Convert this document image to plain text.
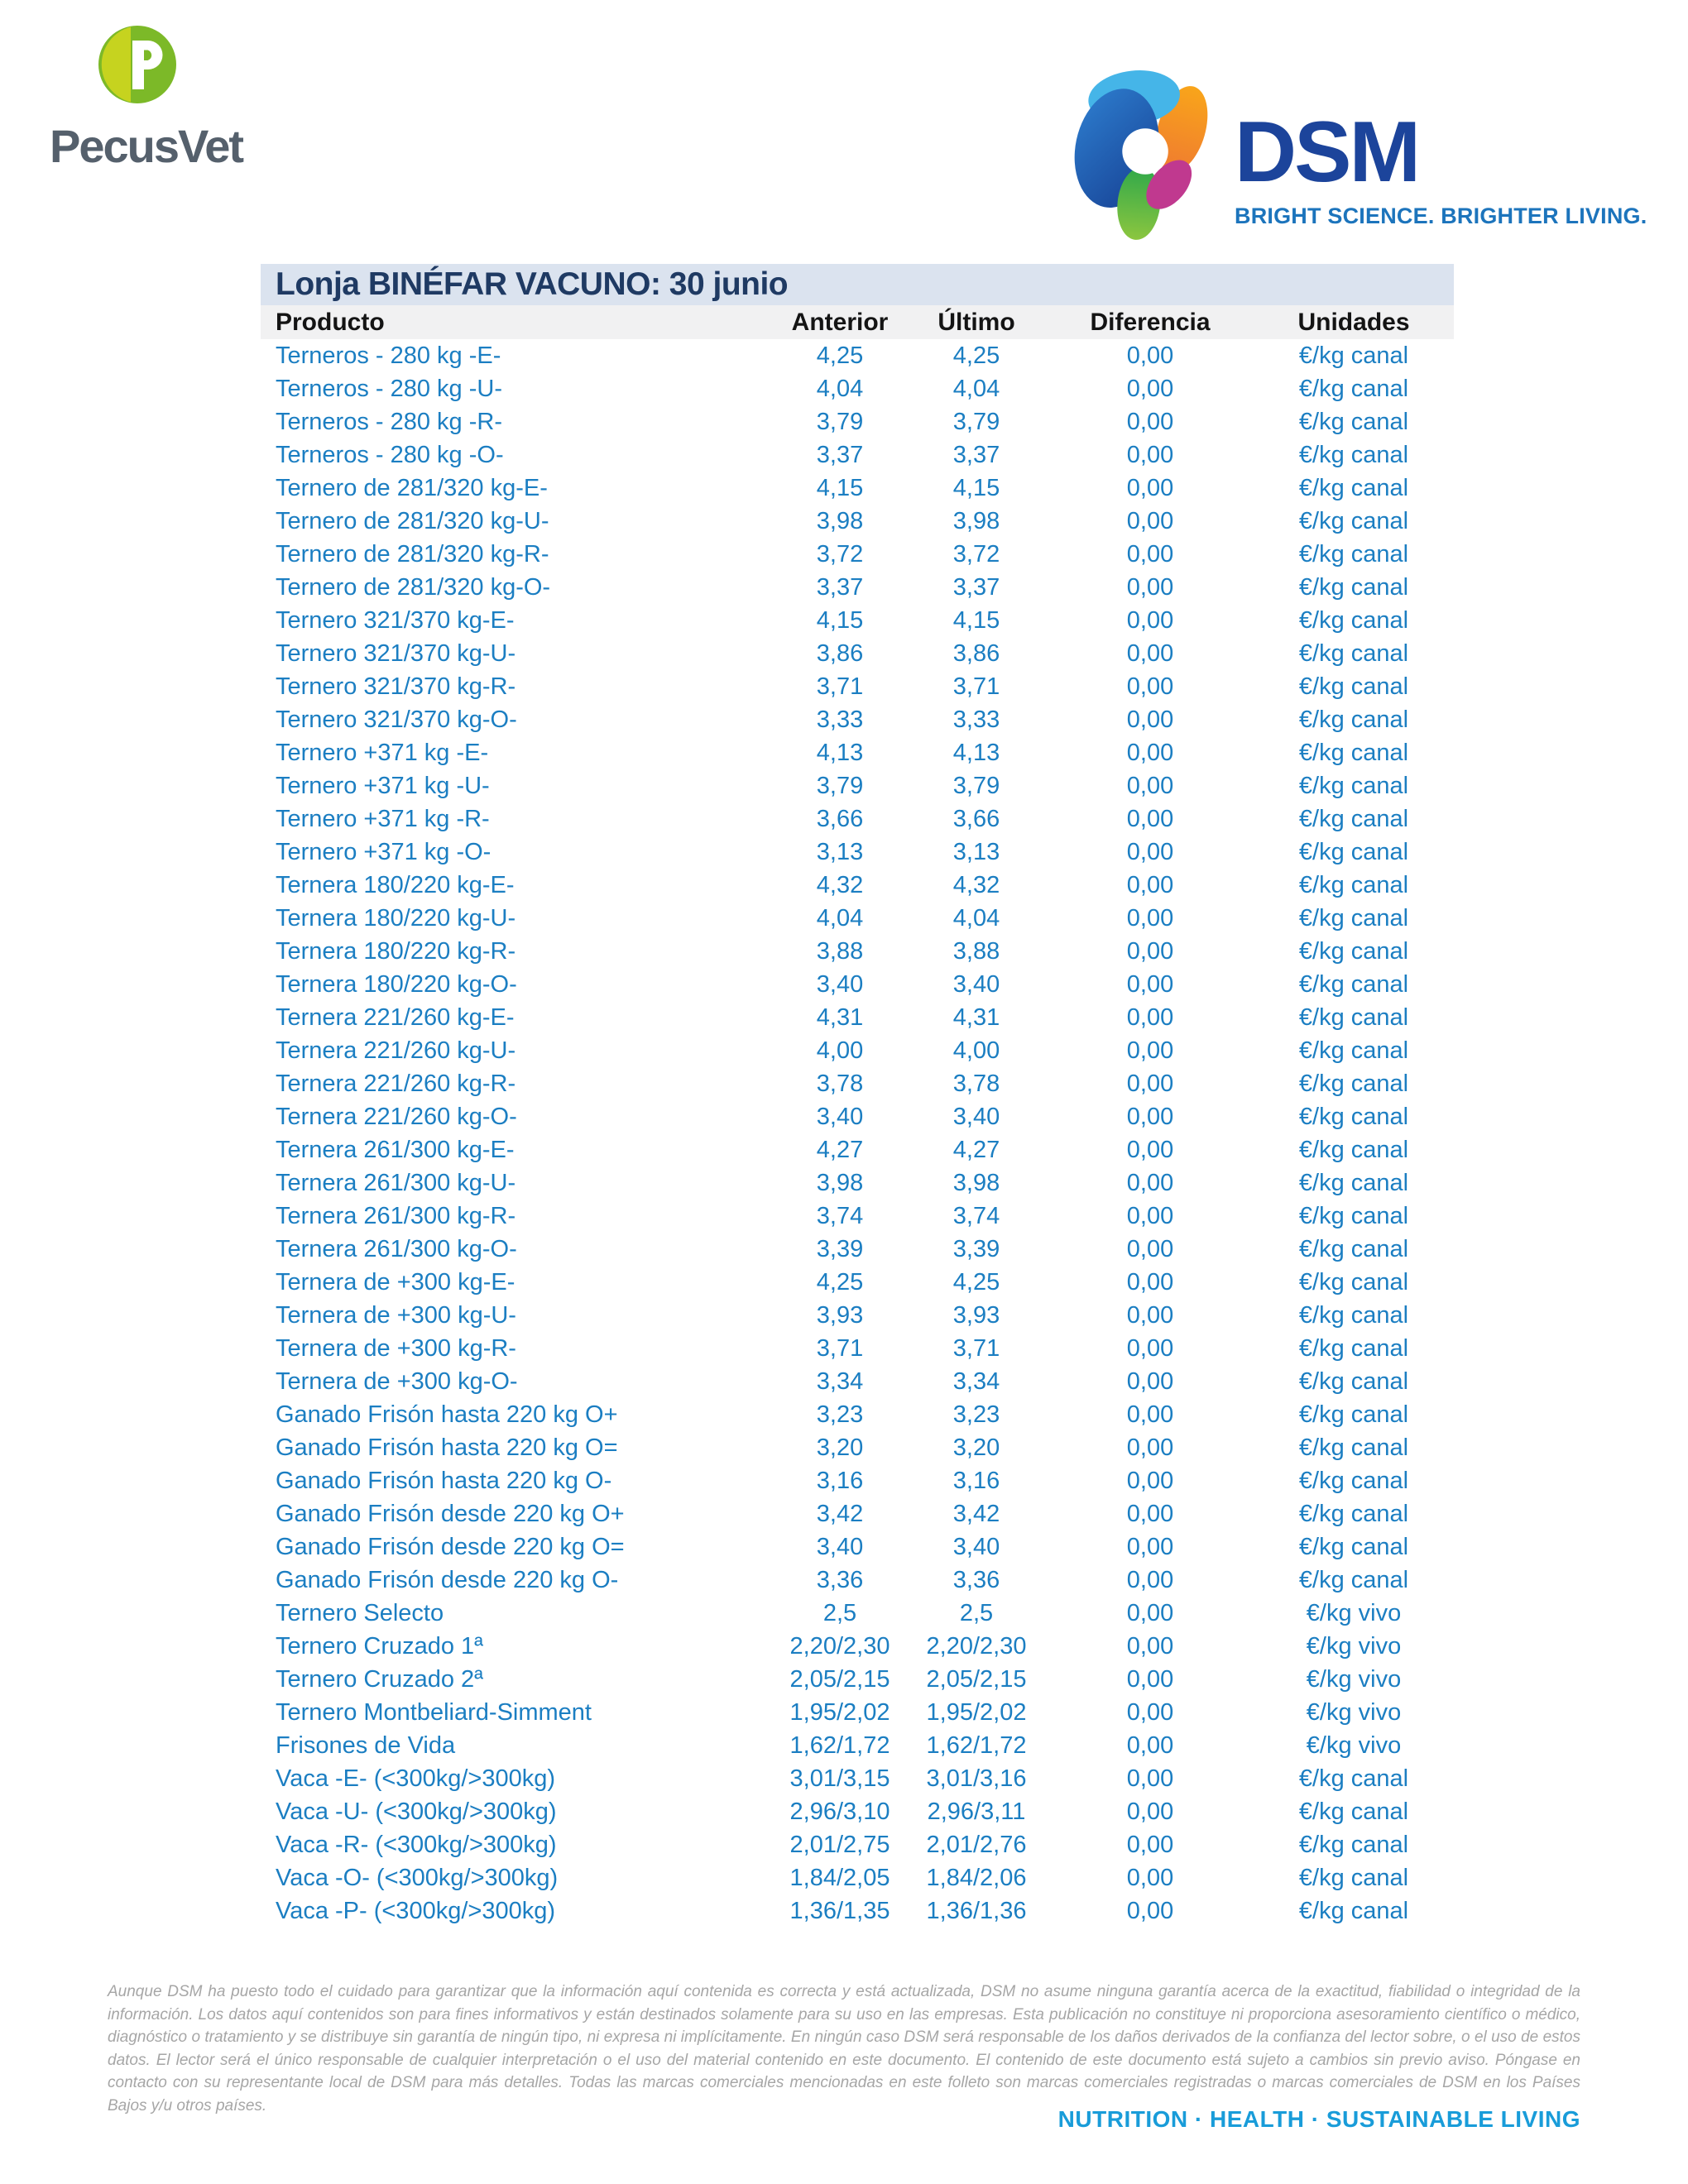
PecusVet	DSM
BRIGHT SCIENCE. BRIGHTER LIVING.
Lonja BINÉFAR VACUNO: 30 junio
Producto	Anterior	Último	Diferencia	Unidades
Terneros - 280 kg -E-	4,25	4,25	0,00	€/kg canal
Terneros - 280 kg -U-	4,04	4,04	0,00	€/kg canal
Terneros - 280 kg -R-	3,79	3,79	0,00	€/kg canal
Terneros - 280 kg -O-	3,37	3,37	0,00	€/kg canal
Ternero de 281/320 kg-E-	4,15	4,15	0,00	€/kg canal
Ternero de 281/320 kg-U-	3,98	3,98	0,00	€/kg canal
Ternero de 281/320 kg-R-	3,72	3,72	0,00	€/kg canal
Ternero de 281/320 kg-O-	3,37	3,37	0,00	€/kg canal
Ternero 321/370 kg-E-	4,15	4,15	0,00	€/kg canal
Ternero 321/370 kg-U-	3,86	3,86	0,00	€/kg canal
Ternero 321/370 kg-R-	3,71	3,71	0,00	€/kg canal
Ternero 321/370 kg-O-	3,33	3,33	0,00	€/kg canal
Ternero +371 kg -E-	4,13	4,13	0,00	€/kg canal
Ternero +371 kg -U-	3,79	3,79	0,00	€/kg canal
Ternero +371 kg -R-	3,66	3,66	0,00	€/kg canal
Ternero +371 kg -O-	3,13	3,13	0,00	€/kg canal
Ternera 180/220 kg-E-	4,32	4,32	0,00	€/kg canal
Ternera 180/220 kg-U-	4,04	4,04	0,00	€/kg canal
Ternera 180/220 kg-R-	3,88	3,88	0,00	€/kg canal
Ternera 180/220 kg-O-	3,40	3,40	0,00	€/kg canal
Ternera 221/260 kg-E-	4,31	4,31	0,00	€/kg canal
Ternera 221/260 kg-U-	4,00	4,00	0,00	€/kg canal
Ternera 221/260 kg-R-	3,78	3,78	0,00	€/kg canal
Ternera 221/260 kg-O-	3,40	3,40	0,00	€/kg canal
Ternera 261/300 kg-E-	4,27	4,27	0,00	€/kg canal
Ternera 261/300 kg-U-	3,98	3,98	0,00	€/kg canal
Ternera 261/300 kg-R-	3,74	3,74	0,00	€/kg canal
Ternera 261/300 kg-O-	3,39	3,39	0,00	€/kg canal
Ternera de +300 kg-E-	4,25	4,25	0,00	€/kg canal
Ternera de +300 kg-U-	3,93	3,93	0,00	€/kg canal
Ternera de +300 kg-R-	3,71	3,71	0,00	€/kg canal
Ternera de +300 kg-O-	3,34	3,34	0,00	€/kg canal
Ganado Frisón hasta 220 kg O+	3,23	3,23	0,00	€/kg canal
Ganado Frisón hasta 220 kg O=	3,20	3,20	0,00	€/kg canal
Ganado Frisón hasta 220 kg O-	3,16	3,16	0,00	€/kg canal
Ganado Frisón desde 220 kg O+	3,42	3,42	0,00	€/kg canal
Ganado Frisón desde 220 kg O=	3,40	3,40	0,00	€/kg canal
Ganado Frisón desde 220 kg O-	3,36	3,36	0,00	€/kg canal
Ternero Selecto	2,5	2,5	0,00	€/kg vivo
Ternero Cruzado 1ª	2,20/2,30	2,20/2,30	0,00	€/kg vivo
Ternero Cruzado 2ª	2,05/2,15	2,05/2,15	0,00	€/kg vivo
Ternero Montbeliard-Simment	1,95/2,02	1,95/2,02	0,00	€/kg vivo
Frisones de Vida	1,62/1,72	1,62/1,72	0,00	€/kg vivo
Vaca -E- (<300kg/>300kg)	3,01/3,15	3,01/3,16	0,00	€/kg canal
Vaca -U- (<300kg/>300kg)	2,96/3,10	2,96/3,11	0,00	€/kg canal
Vaca -R- (<300kg/>300kg)	2,01/2,75	2,01/2,76	0,00	€/kg canal
Vaca -O- (<300kg/>300kg)	1,84/2,05	1,84/2,06	0,00	€/kg canal
Vaca -P- (<300kg/>300kg)	1,36/1,35	1,36/1,36	0,00	€/kg canal
Aunque DSM ha puesto todo el cuidado para garantizar que la información aquí contenida es correcta y está actualizada, DSM no asume ninguna garantía acerca de la exactitud, fiabilidad o integridad de la información. Los datos aquí contenidos son para fines informativos y están destinados solamente para su uso en las empresas. Esta publicación no constituye ni proporciona asesoramiento científico o médico, diagnóstico o tratamiento y se distribuye sin garantía de ningún tipo, ni expresa ni implícitamente. En ningún caso DSM será responsable de los daños derivados de la confianza del lector sobre, o el uso de estos datos. El lector será el único responsable de cualquier interpretación o el uso del material contenido en este documento. El contenido de este documento está sujeto a cambios sin previo aviso. Póngase en contacto con su representante local de DSM para más detalles. Todas las marcas comerciales mencionadas en este folleto son marcas comerciales registradas o marcas comerciales de DSM en los Países Bajos y/u otros países.
NUTRITION · HEALTH · SUSTAINABLE LIVING
